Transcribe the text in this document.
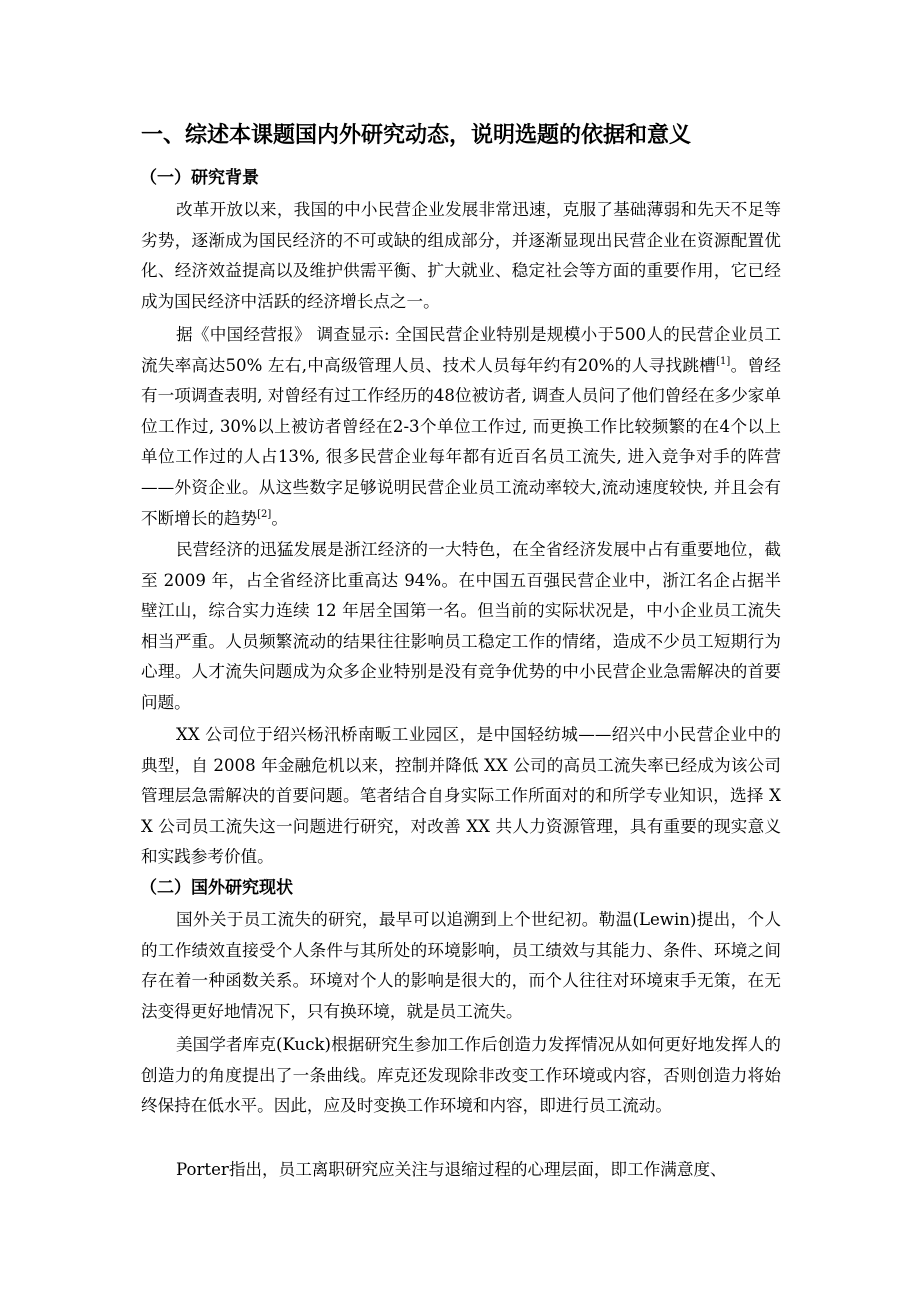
一、综述本课题国内外研究动态，说明选题的依据和意义
（一）研究背景

改革开放以来，我国的中小民营企业发展非常迅速，克服了基础薄弱和先天不足等劣势，逐渐成为国民经济的不可或缺的组成部分，并逐渐显现出民营企业在资源配置优化、经济效益提高以及维护供需平衡、扩大就业、稳定社会等方面的重要作用，它已经成为国民经济中活跃的经济增长点之一。

据《中国经营报》 调查显示: 全国民营企业特别是规模小于500人的民营企业员工流失率高达50% 左右,中高级管理人员、技术人员每年约有20%的人寻找跳槽[1]。曾经有一项调查表明, 对曾经有过工作经历的48位被访者, 调查人员问了他们曾经在多少家单位工作过, 30%以上被访者曾经在2-3个单位工作过, 而更换工作比较频繁的在4个以上单位工作过的人占13%, 很多民营企业每年都有近百名员工流失, 进入竞争对手的阵营——外资企业。从这些数字足够说明民营企业员工流动率较大,流动速度较快, 并且会有不断增长的趋势[2]。

民营经济的迅猛发展是浙江经济的一大特色，在全省经济发展中占有重要地位，截至 2009 年，占全省经济比重高达 94%。在中国五百强民营企业中，浙江名企占据半壁江山，综合实力连续 12 年居全国第一名。但当前的实际状况是，中小企业员工流失相当严重。人员频繁流动的结果往往影响员工稳定工作的情绪，造成不少员工短期行为心理。人才流失问题成为众多企业特别是没有竞争优势的中小民营企业急需解决的首要问题。

XX 公司位于绍兴杨汛桥南畈工业园区，是中国轻纺城——绍兴中小民营企业中的典型，自 2008 年金融危机以来，控制并降低 XX 公司的高员工流失率已经成为该公司管理层急需解决的首要问题。笔者结合自身实际工作所面对的和所学专业知识，选择 XX 公司员工流失这一问题进行研究，对改善 XX 共人力资源管理，具有重要的现实意义和实践参考价值。

（二）国外研究现状

国外关于员工流失的研究，最早可以追溯到上个世纪初。勒温(Lewin)提出，个人的工作绩效直接受个人条件与其所处的环境影响，员工绩效与其能力、条件、环境之间存在着一种函数关系。环境对个人的影响是很大的，而个人往往对环境束手无策，在无法变得更好地情况下，只有换环境，就是员工流失。

美国学者库克(Kuck)根据研究生参加工作后创造力发挥情况从如何更好地发挥人的创造力的角度提出了一条曲线。库克还发现除非改变工作环境或内容，否则创造力将始终保持在低水平。因此，应及时变换工作环境和内容，即进行员工流动。

Porter指出，员工离职研究应关注与退缩过程的心理层面，即工作满意度、
